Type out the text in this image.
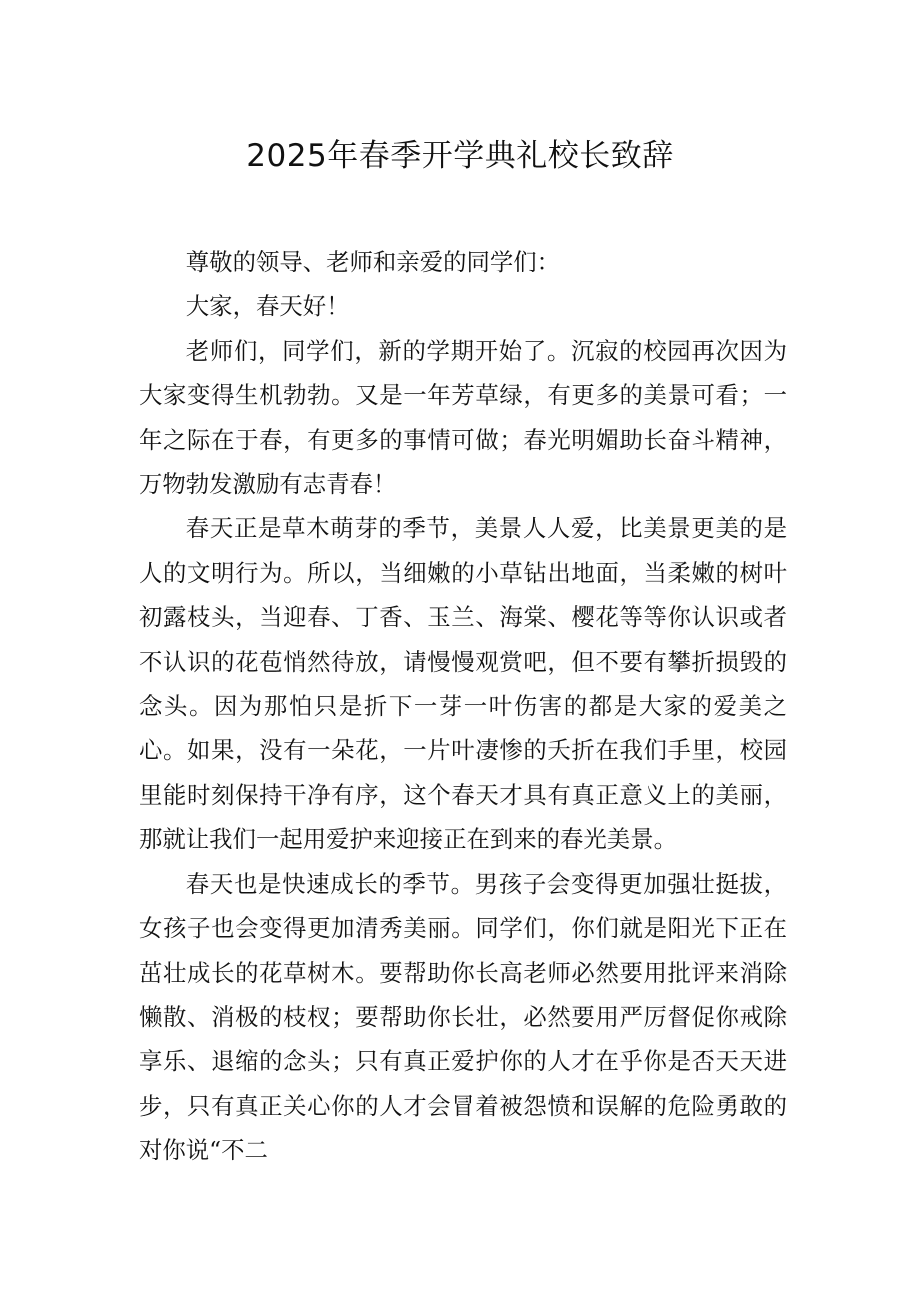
2025年春季开学典礼校长致辞

尊敬的领导、老师和亲爱的同学们：

大家，春天好！

老师们，同学们，新的学期开始了。沉寂的校园再次因为大家变得生机勃勃。又是一年芳草绿，有更多的美景可看；一年之际在于春，有更多的事情可做；春光明媚助长奋斗精神，万物勃发激励有志青春！

春天正是草木萌芽的季节，美景人人爱，比美景更美的是人的文明行为。所以，当细嫩的小草钻出地面，当柔嫩的树叶初露枝头，当迎春、丁香、玉兰、海棠、樱花等等你认识或者不认识的花苞悄然待放，请慢慢观赏吧，但不要有攀折损毁的念头。因为那怕只是折下一芽一叶伤害的都是大家的爱美之心。如果，没有一朵花，一片叶凄惨的夭折在我们手里，校园里能时刻保持干净有序，这个春天才具有真正意义上的美丽，那就让我们一起用爱护来迎接正在到来的春光美景。

春天也是快速成长的季节。男孩子会变得更加强壮挺拔，女孩子也会变得更加清秀美丽。同学们，你们就是阳光下正在茁壮成长的花草树木。要帮助你长高老师必然要用批评来消除懒散、消极的枝杈；要帮助你长壮，必然要用严厉督促你戒除享乐、退缩的念头；只有真正爱护你的人才在乎你是否天天进步，只有真正关心你的人才会冒着被怨愤和误解的危险勇敢的对你说“不二
